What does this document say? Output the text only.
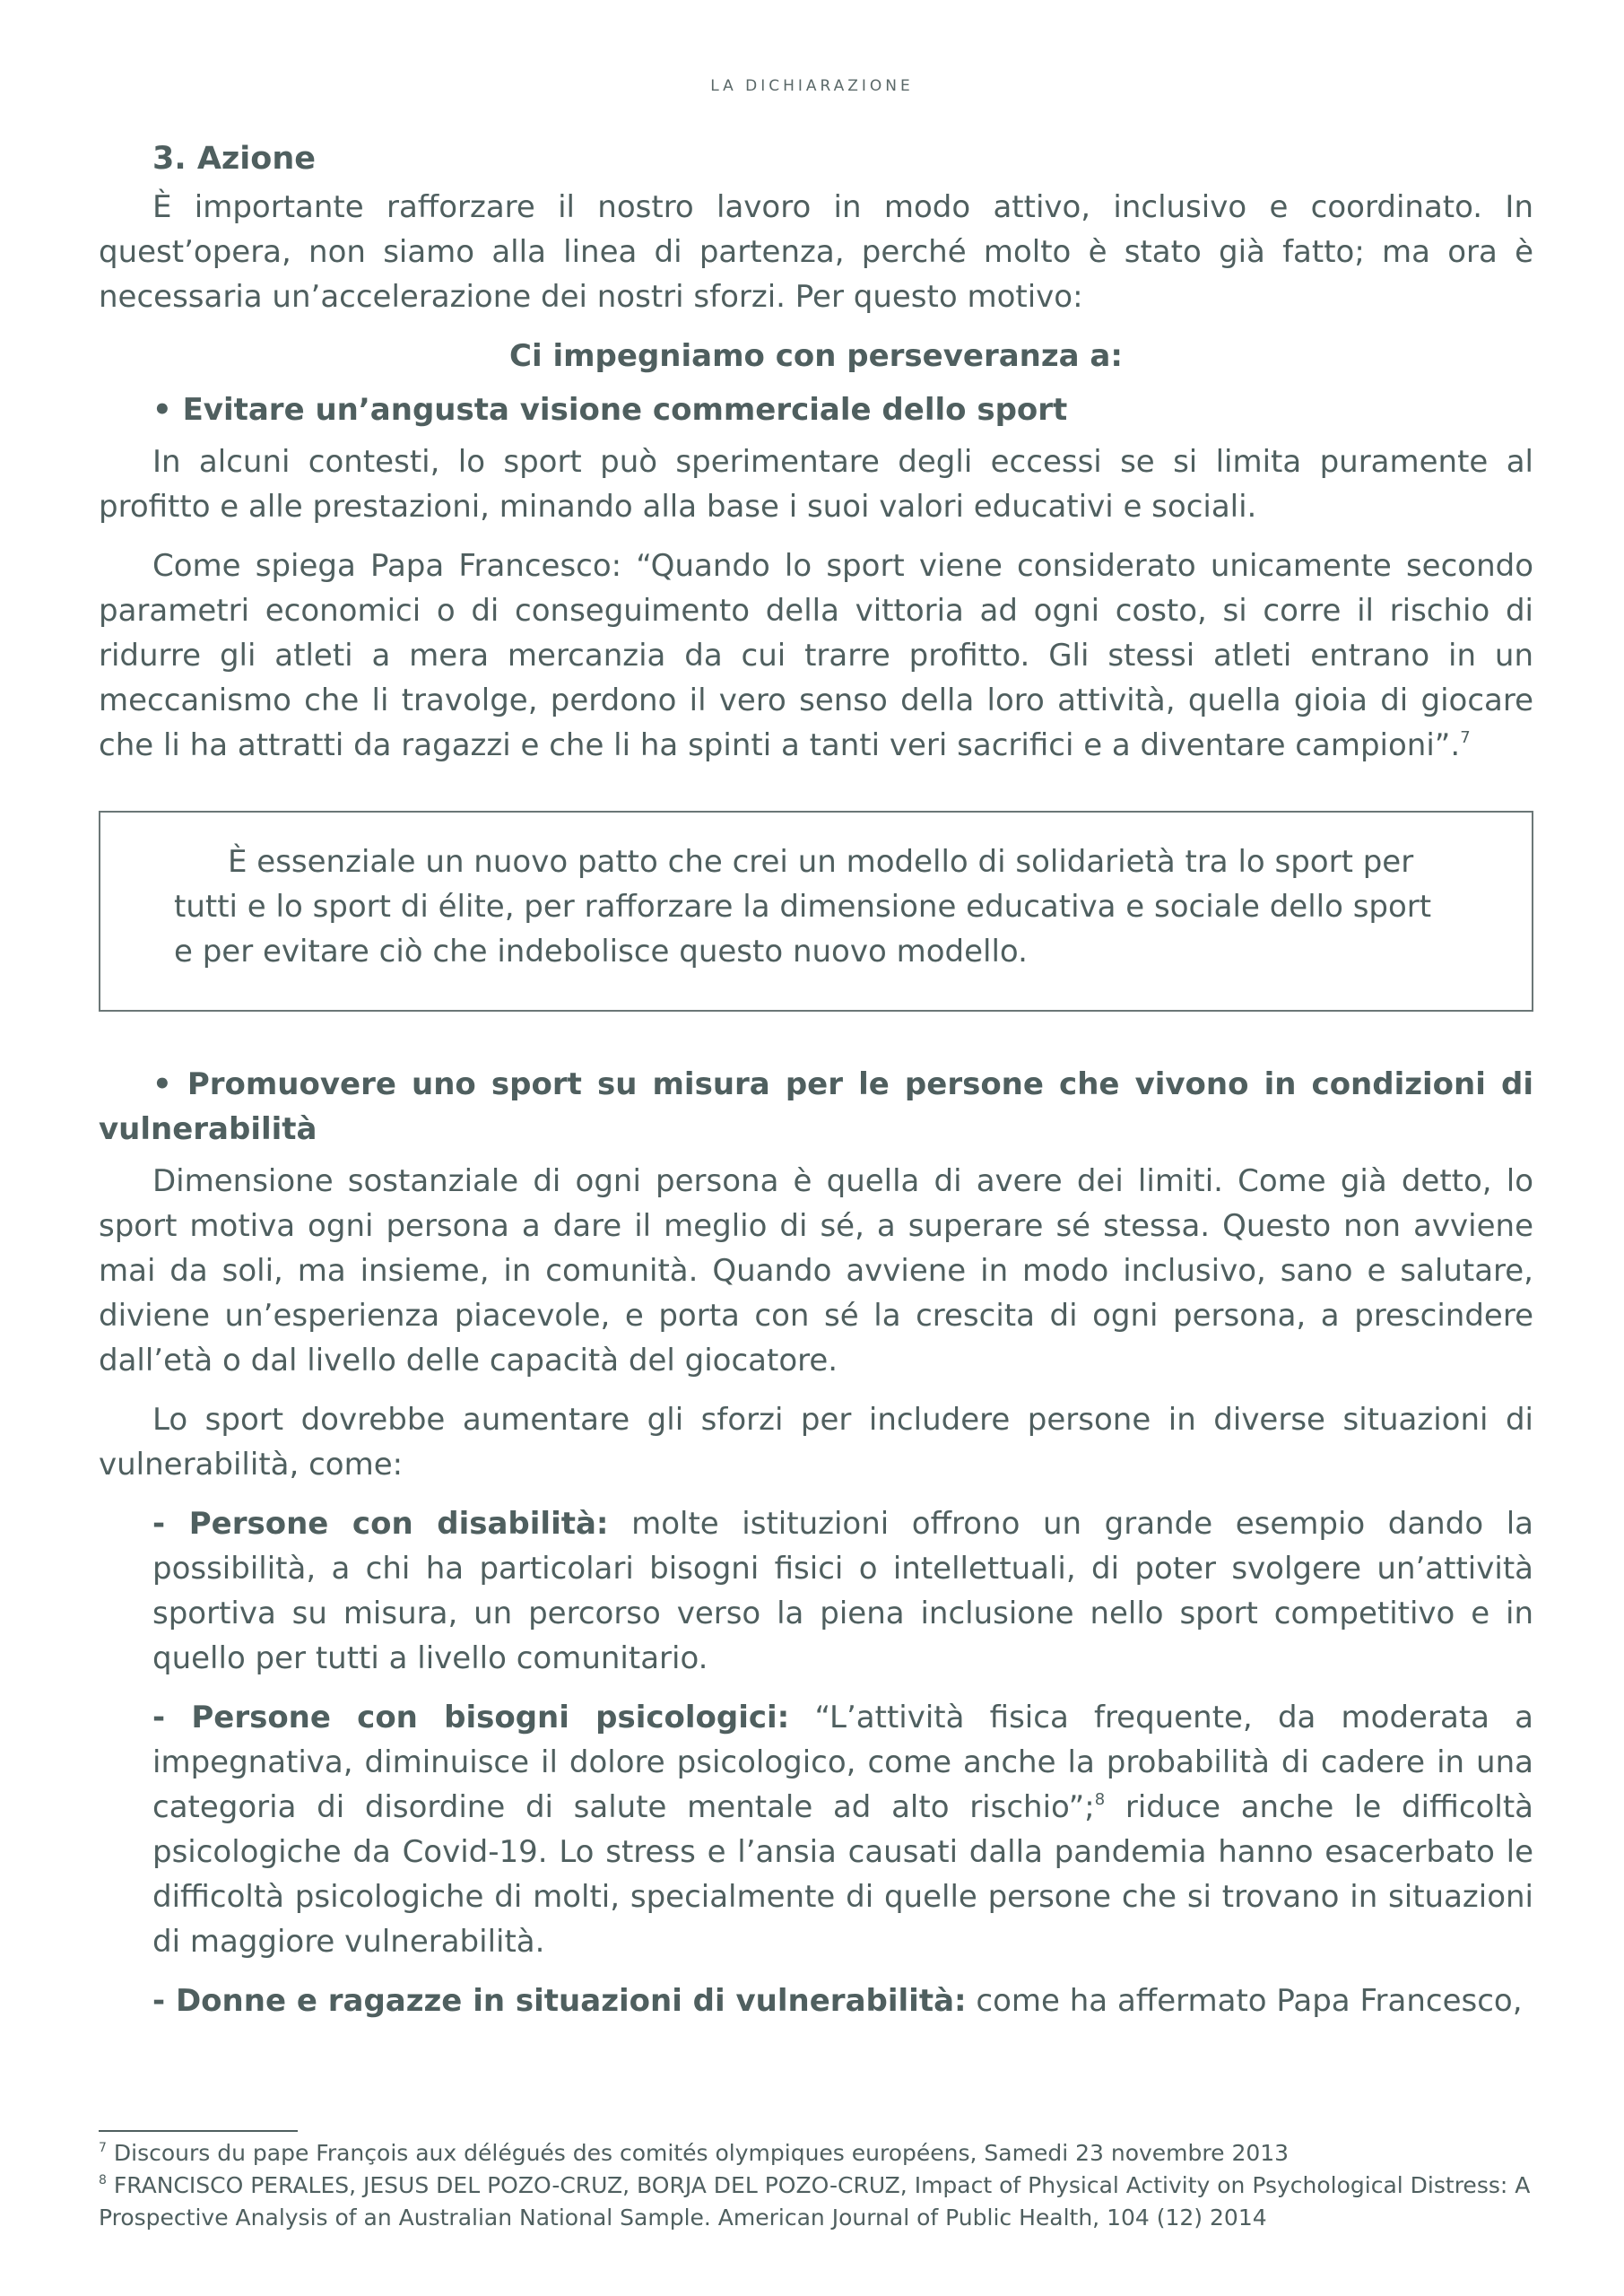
LA DICHIARAZIONE
3. Azione

È importante rafforzare il nostro lavoro in modo attivo, inclusivo e coordinato. In quest’opera, non siamo alla linea di partenza, perché molto è stato già fatto; ma ora è necessaria un’accelerazione dei nostri sforzi. Per questo motivo:

Ci impegniamo con perseveranza a:
• Evitare un’angusta visione commerciale dello sport

In alcuni contesti, lo sport può sperimentare degli eccessi se si limita puramente al profitto e alle prestazioni, minando alla base i suoi valori educativi e sociali.

Come spiega Papa Francesco: “Quando lo sport viene considerato unicamente secondo parametri economici o di conseguimento della vittoria ad ogni costo, si corre il rischio di ridurre gli atleti a mera mercanzia da cui trarre profitto. Gli stessi atleti entrano in un meccanismo che li travolge, perdono il vero senso della loro attività, quella gioia di giocare che li ha attratti da ragazzi e che li ha spinti a tanti veri sacrifici e a diventare campioni”.$^7$

È essenziale un nuovo patto che crei un modello di solidarietà tra lo sport per tutti e lo sport di élite, per rafforzare la dimensione educativa e sociale dello sport e per evitare ciò che indebolisce questo nuovo modello.

• Promuovere uno sport su misura per le persone che vivono in condizioni di vulnerabilità

Dimensione sostanziale di ogni persona è quella di avere dei limiti. Come già detto, lo sport motiva ogni persona a dare il meglio di sé, a superare sé stessa. Questo non avviene mai da soli, ma insieme, in comunità. Quando avviene in modo inclusivo, sano e salutare, diviene un’esperienza piacevole, e porta con sé la crescita di ogni persona, a prescindere dall’età o dal livello delle capacità del giocatore.

Lo sport dovrebbe aumentare gli sforzi per includere persone in diverse situazioni di vulnerabilità, come:

- Persone con disabilità: molte istituzioni offrono un grande esempio dando la possibilità, a chi ha particolari bisogni fisici o intellettuali, di poter svolgere un’attività sportiva su misura, un percorso verso la piena inclusione nello sport competitivo e in quello per tutti a livello comunitario.

- Persone con bisogni psicologici: “L’attività fisica frequente, da moderata a impegnativa, diminuisce il dolore psicologico, come anche la probabilità di cadere in una categoria di disordine di salute mentale ad alto rischio”;$^8$ riduce anche le difficoltà psicologiche da Covid-19. Lo stress e l’ansia causati dalla pandemia hanno esacerbato le difficoltà psicologiche di molti, specialmente di quelle persone che si trovano in situazioni di maggiore vulnerabilità.

- Donne e ragazze in situazioni di vulnerabilità: come ha affermato Papa Francesco,

$^7$ Discours du pape François aux délégués des comités olympiques européens, Samedi 23 novembre 2013
$^8$ FRANCISCO PERALES, JESUS DEL POZO-CRUZ, BORJA DEL POZO-CRUZ, Impact of Physical Activity on Psychological Distress: A Prospective Analysis of an Australian National Sample. American Journal of Public Health, 104 (12) 2014
